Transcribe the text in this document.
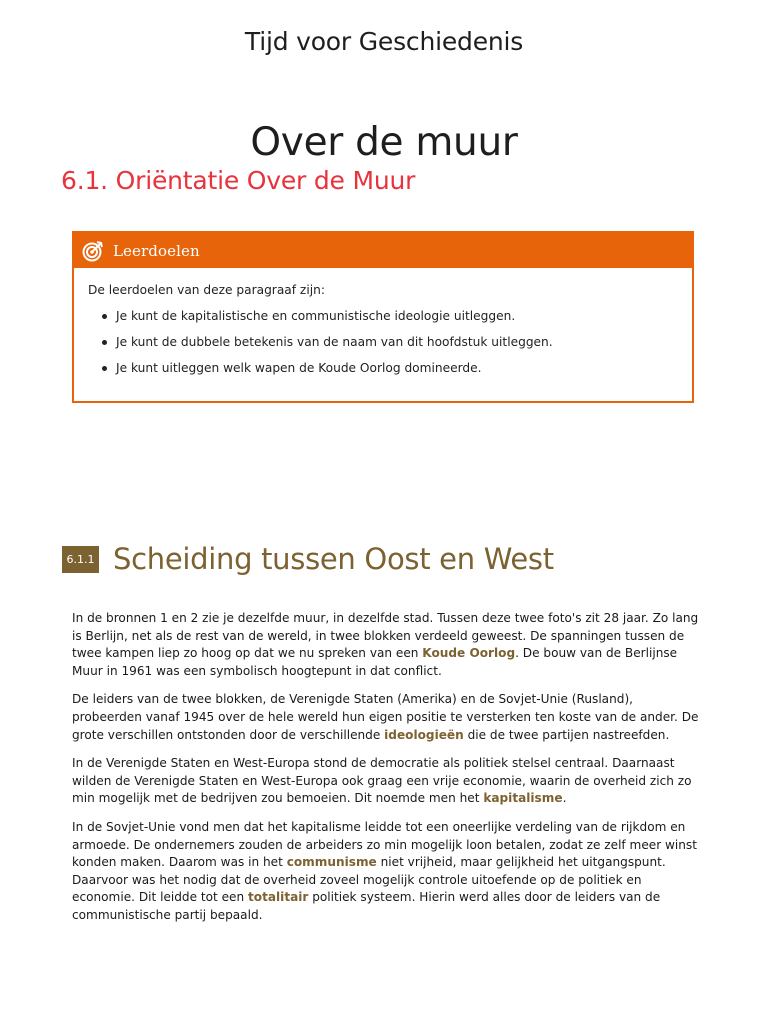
Tijd voor Geschiedenis
Over de muur
6.1. Oriëntatie Over de Muur
Leerdoelen

De leerdoelen van deze paragraaf zijn:

Je kunt de kapitalistische en communistische ideologie uitleggen.
Je kunt de dubbele betekenis van de naam van dit hoofdstuk uitleggen.
Je kunt uitleggen welk wapen de Koude Oorlog domineerde.
6.1.1 Scheiding tussen Oost en West

In de bronnen 1 en 2 zie je dezelfde muur, in dezelfde stad. Tussen deze twee foto's zit 28 jaar. Zo lang is Berlijn, net als de rest van de wereld, in twee blokken verdeeld geweest. De spanningen tussen de twee kampen liep zo hoog op dat we nu spreken van een Koude Oorlog. De bouw van de Berlijnse Muur in 1961 was een symbolisch hoogtepunt in dat conflict.

De leiders van de twee blokken, de Verenigde Staten (Amerika) en de Sovjet-Unie (Rusland), probeerden vanaf 1945 over de hele wereld hun eigen positie te versterken ten koste van de ander. De grote verschillen ontstonden door de verschillende ideologieën die de twee partijen nastreefden.

In de Verenigde Staten en West-Europa stond de democratie als politiek stelsel centraal. Daarnaast wilden de Verenigde Staten en West-Europa ook graag een vrije economie, waarin de overheid zich zo min mogelijk met de bedrijven zou bemoeien. Dit noemde men het kapitalisme.

In de Sovjet-Unie vond men dat het kapitalisme leidde tot een oneerlijke verdeling van de rijkdom en armoede. De ondernemers zouden de arbeiders zo min mogelijk loon betalen, zodat ze zelf meer winst konden maken. Daarom was in het communisme niet vrijheid, maar gelijkheid het uitgangspunt. Daarvoor was het nodig dat de overheid zoveel mogelijk controle uitoefende op de politiek en economie. Dit leidde tot een totalitair politiek systeem. Hierin werd alles door de leiders van de communistische partij bepaald.
